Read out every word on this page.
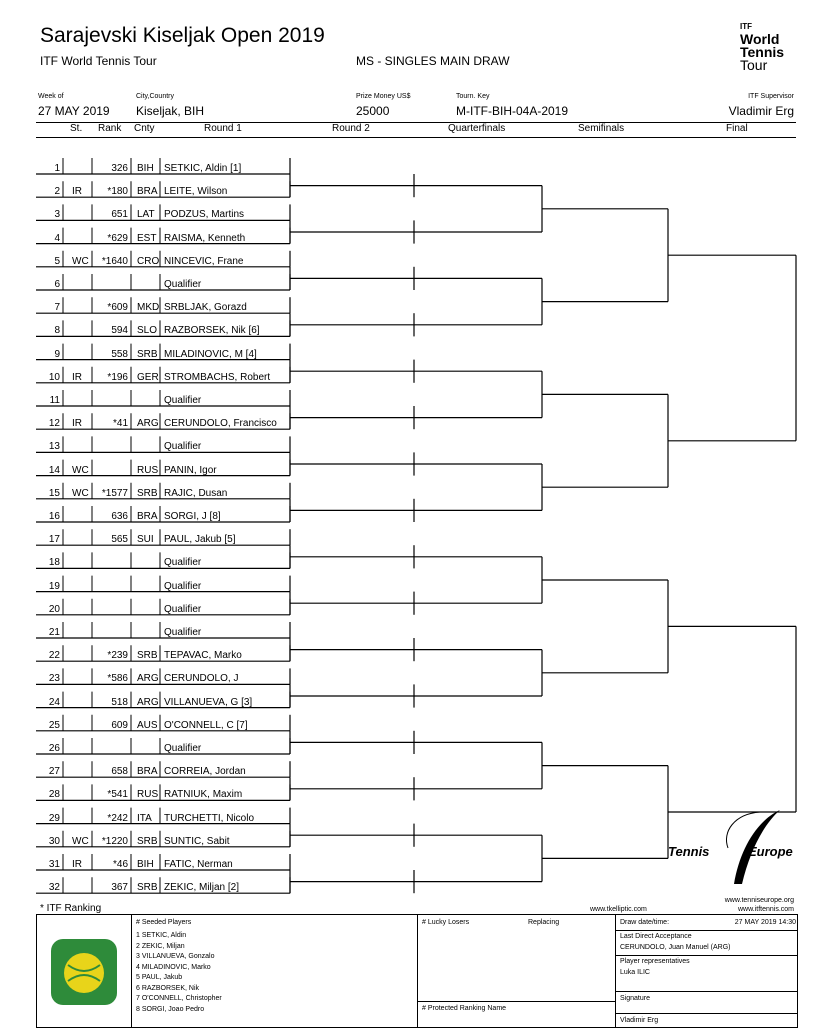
Sarajevski Kiseljak Open 2019
ITF World Tennis Tour	MS - SINGLES MAIN DRAW
ITF
World
Tennis
Tour
Week of
27 MAY 2019
City,Country
Kiseljak, BIH
Prize Money US$
25000
Tourn. Key
M-ITF-BIH-04A-2019
ITF Supervisor
Vladimir Erg
St. Rank Cnty	Round 1	Round 2	Quarterfinals	Semifinals	Final
1	326 BIH SETKIC, Aldin [1]
2 IR	*180 BRA LEITE, Wilson
3	651 LAT PODZUS, Martins
4	*629 EST RAISMA, Kenneth
5 WC *1640 CRO NINCEVIC, Frane
6	Qualifier
7	*609 MKD SRBLJAK, Gorazd
8	594 SLO RAZBORSEK, Nik [6]
9	558 SRB MILADINOVIC, M [4]
10 IR	*196 GER STROMBACHS, Robert
11	Qualifier
12 IR	*41 ARG CERUNDOLO, Francisco
13	Qualifier
14 WC	RUS PANIN, Igor
15 WC *1577 SRB RAJIC, Dusan
16	636 BRA SORGI, J [8]
17	565 SUI PAUL, Jakub [5]
18	Qualifier
19	Qualifier
20	Qualifier
21	Qualifier
22	*239 SRB TEPAVAC, Marko
23	*586 ARG CERUNDOLO, J
24	518 ARG VILLANUEVA, G [3]
25	609 AUS O'CONNELL, C [7]
26	Qualifier
27	658 BRA CORREIA, Jordan
28	*541 RUS RATNIUK, Maxim
29	*242 ITA TURCHETTI, Nicolo
30 WC *1220 SRB SUNTIC, Sabit
31 IR	*46 BIH FATIC, Nerman
32	367 SRB ZEKIC, Miljan [2]
* ITF Ranking	www.tkelliptic.com
www.tenniseurope.org
www.itftennis.com
Tennis	Europe
# Seeded Players
1 SETKIC, Aldin
2 ZEKIC, Miljan
3 VILLANUEVA, Gonzalo
4 MILADINOVIC, Marko
5 PAUL, Jakub
6 RAZBORSEK, Nik
7 O'CONNELL, Christopher
8 SORGI, Joao Pedro
# Lucky Losers	Replacing
# Protected Ranking Name
Draw date/time:	27 MAY 2019 14:30
Last Direct Acceptance
CERUNDOLO, Juan Manuel (ARG)
Player representatives
Luka ILIC
Signature
Vladimir Erg
